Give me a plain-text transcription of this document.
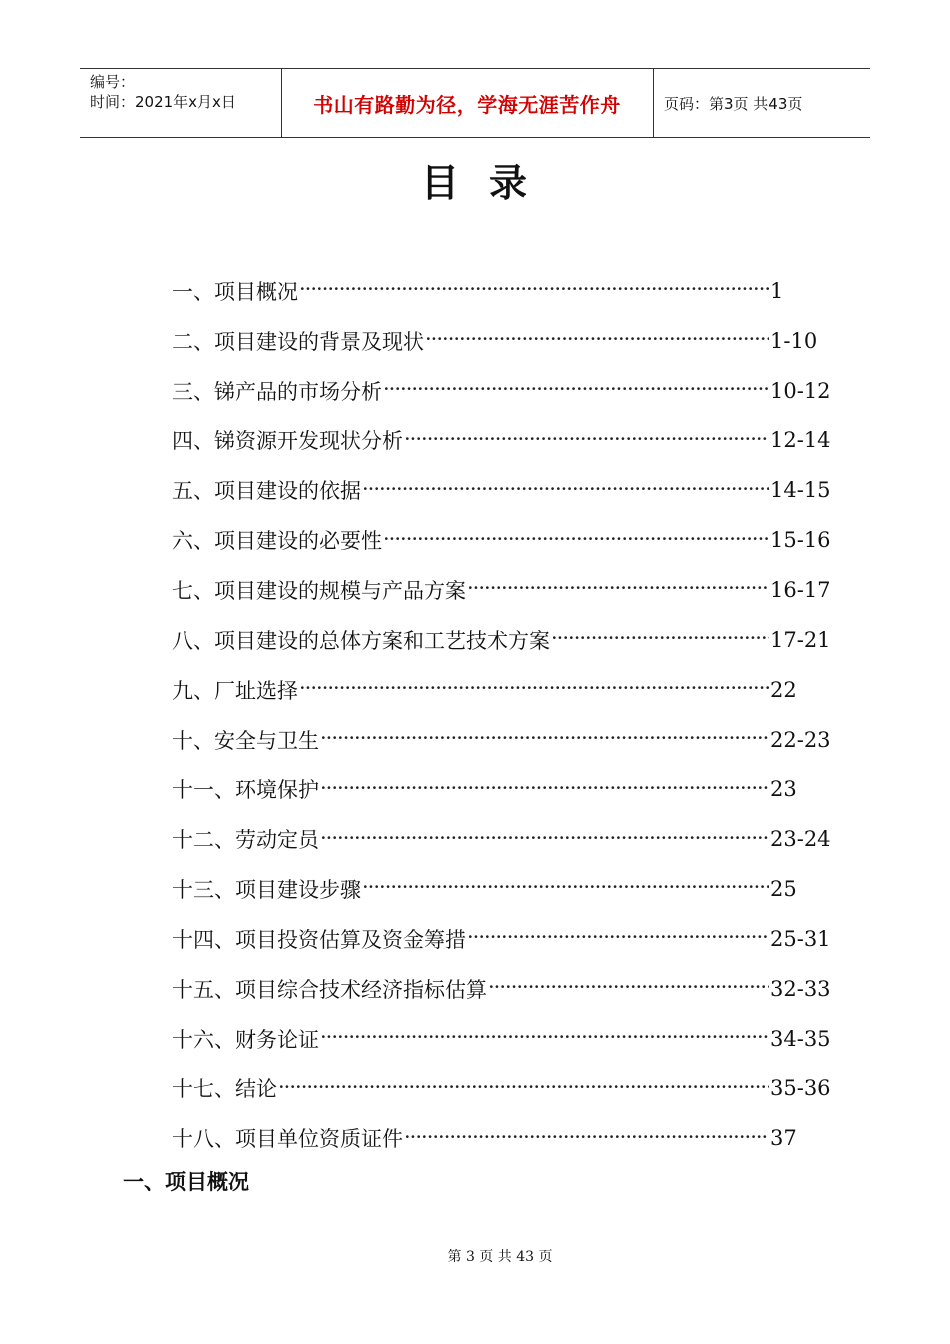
编号：
时间：2021年x月x日	书山有路勤为径，学海无涯苦作舟	页码：第3页 共43页
目 录
一、项目概况 ·····	1
二、项目建设的背景及现状 ·····	1-10
三、锑产品的市场分析 ·····	10-12
四、锑资源开发现状分析 ·····	12-14
五、项目建设的依据 ·····	14-15
六、项目建设的必要性 ·····	15-16
七、项目建设的规模与产品方案 ·····	16-17
八、项目建设的总体方案和工艺技术方案 ·····	17-21
九、厂址选择 ·····	22
十、安全与卫生 ·····	22-23
十一、环境保护 ·····	23
十二、劳动定员 ·····	23-24
十三、项目建设步骤 ·····	25
十四、项目投资估算及资金筹措 ·····	25-31
十五、项目综合技术经济指标估算 ·····	32-33
十六、财务论证 ·····	34-35
十七、结论 ·····	35-36
十八、项目单位资质证件 ·····	37
一、项目概况
第 3 页 共 43 页
